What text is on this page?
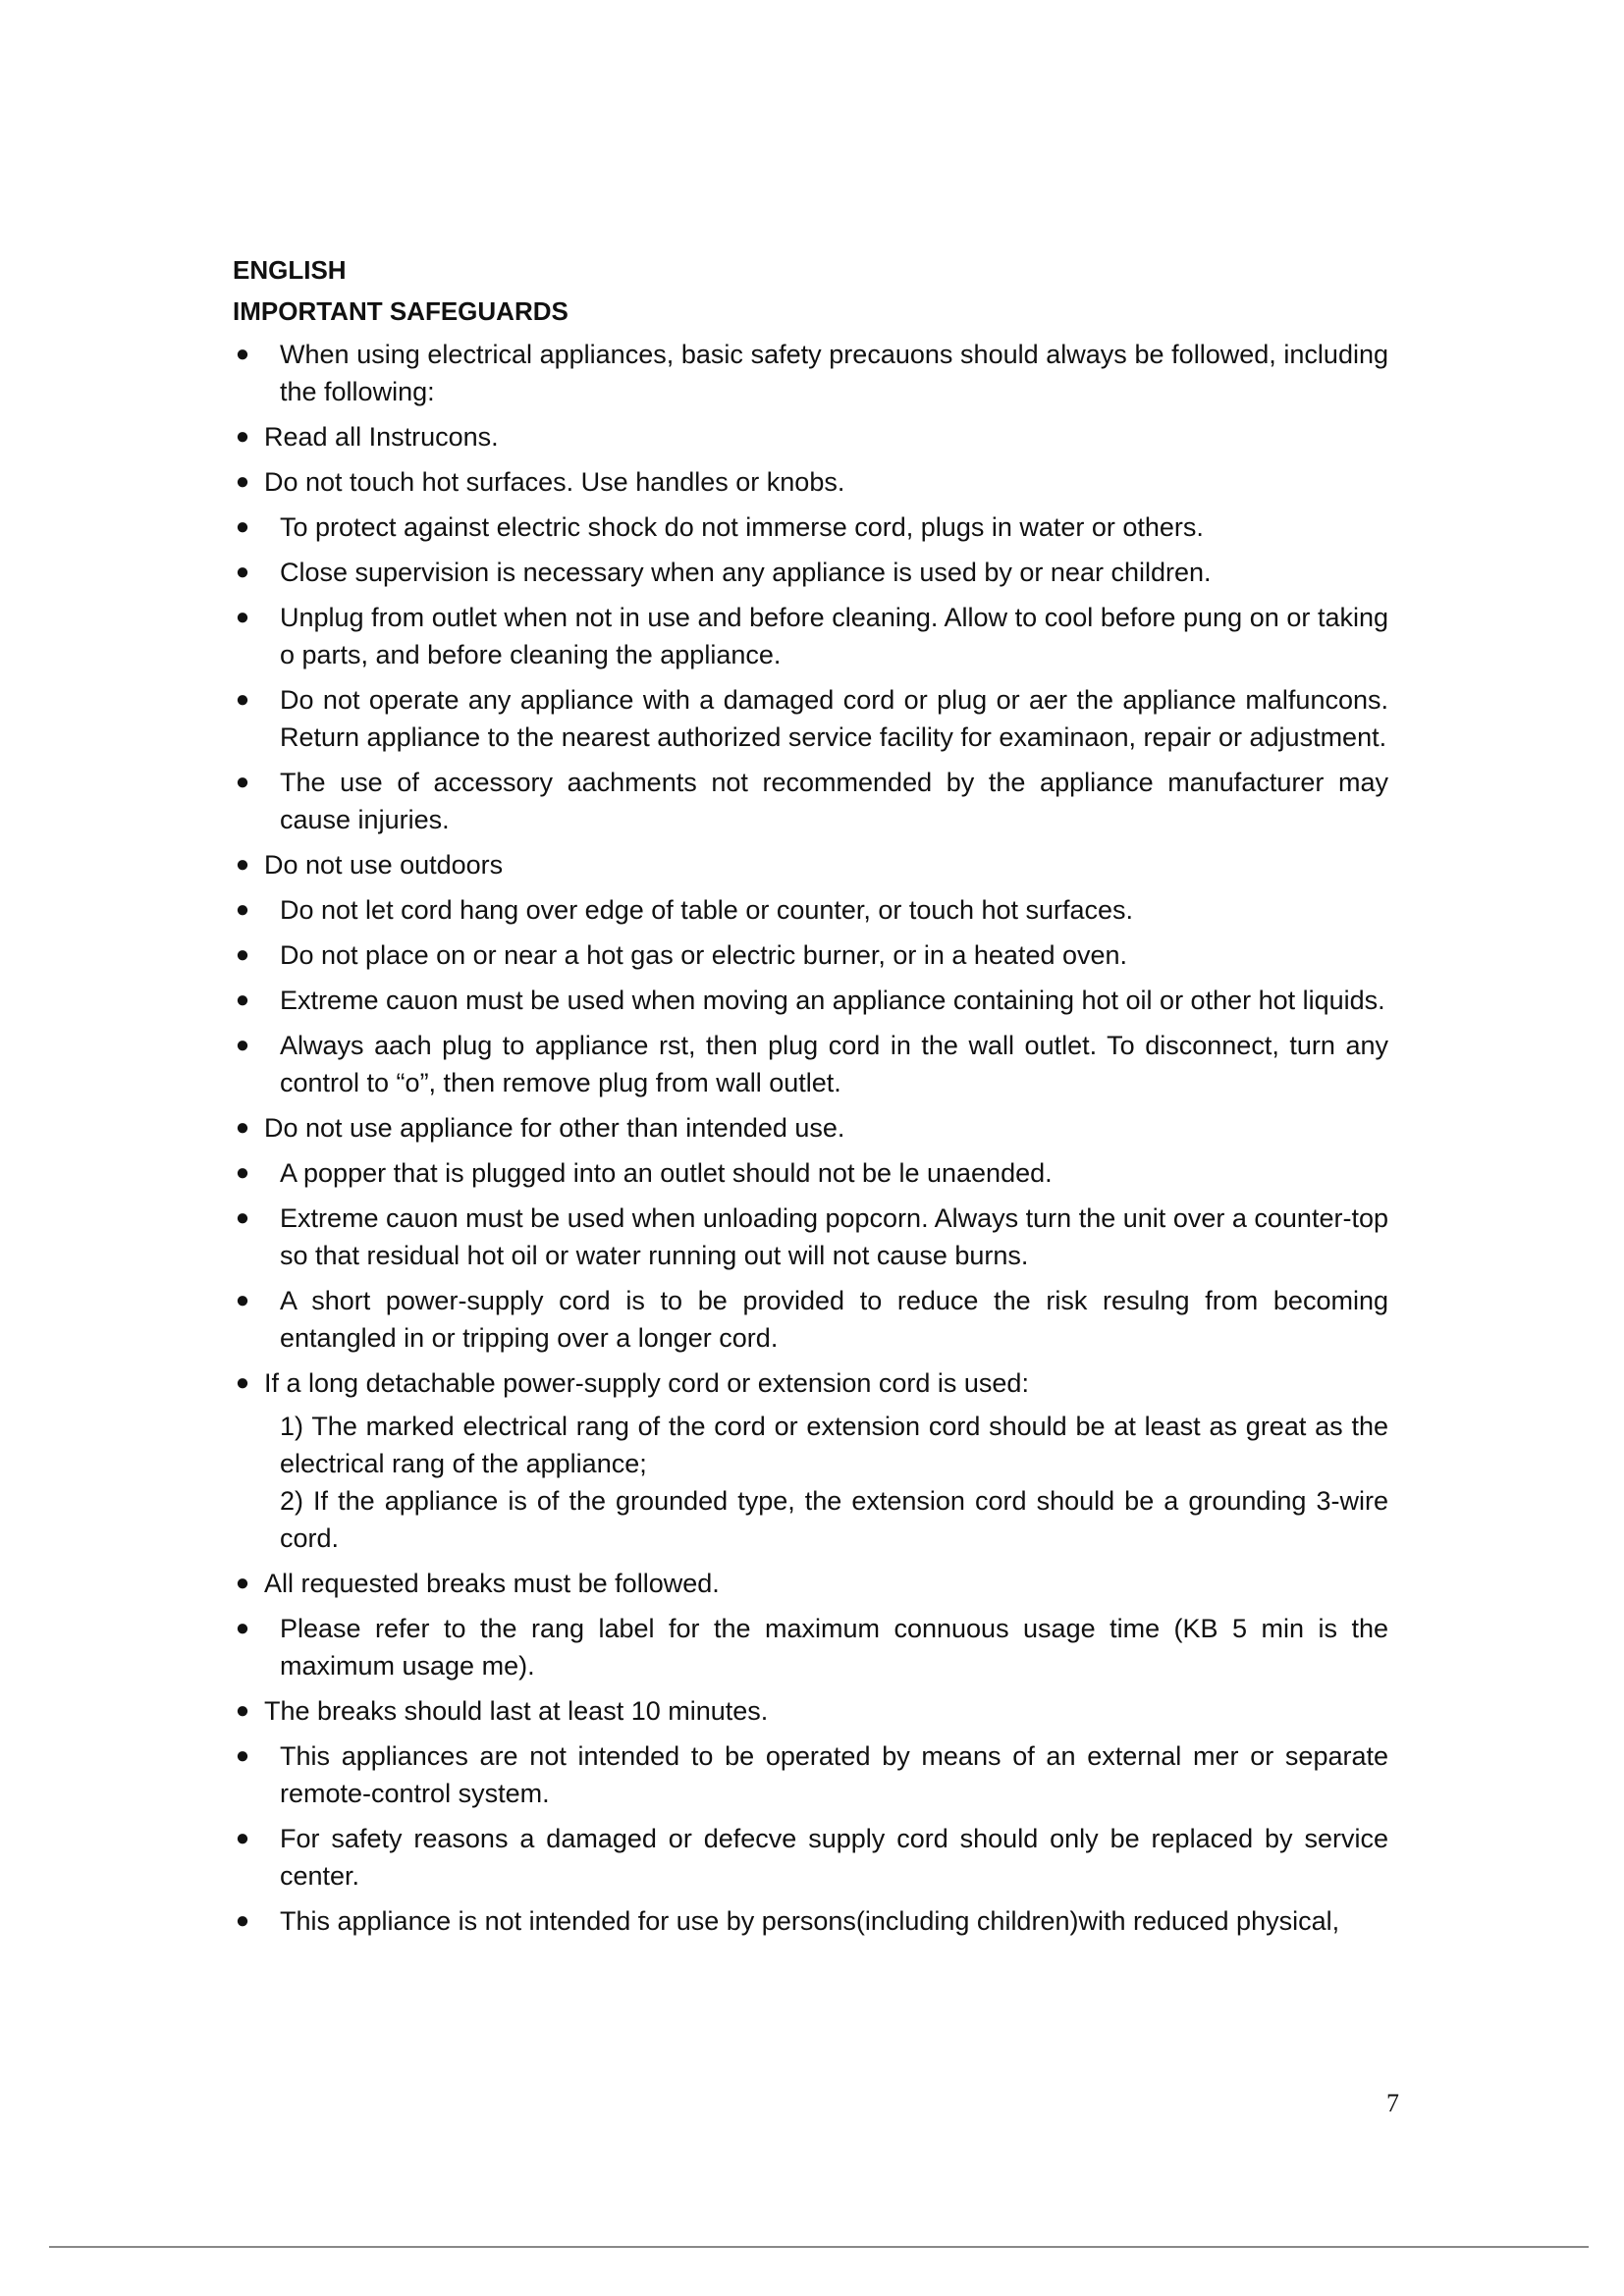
ENGLISH
IMPORTANT SAFEGUARDS
● When using electrical appliances, basic safety precauons should always be followed, including the following:
● Read all Instrucons.
● Do not touch hot surfaces. Use handles or knobs.
● To protect against electric shock do not immerse cord, plugs in water or others.
● Close supervision is necessary when any appliance is used by or near children.
● Unplug from outlet when not in use and before cleaning. Allow to cool before pung on or taking o parts, and before cleaning the appliance.
● Do not operate any appliance with a damaged cord or plug or aer the appliance malfuncons. Return appliance to the nearest authorized service facility for examinaon, repair or adjustment.
● The use of accessory aachments not recommended by the appliance manufacturer may cause injuries.
● Do not use outdoors
● Do not let cord hang over edge of table or counter, or touch hot surfaces.
● Do not place on or near a hot gas or electric burner, or in a heated oven.
● Extreme cauon must be used when moving an appliance containing hot oil or other hot liquids.
● Always aach plug to appliance rst, then plug cord in the wall outlet. To disconnect, turn any control to “o”, then remove plug from wall outlet.
● Do not use appliance for other than intended use.
● A popper that is plugged into an outlet should not be le unaended.
● Extreme cauon must be used when unloading popcorn. Always turn the unit over a counter-top so that residual hot oil or water running out will not cause burns.
● A short power-supply cord is to be provided to reduce the risk resulng from becoming entangled in or tripping over a longer cord.
● If a long detachable power-supply cord or extension cord is used:
1) The marked electrical rang of the cord or extension cord should be at least as great as the electrical rang of the appliance;
2) If the appliance is of the grounded type, the extension cord should be a grounding 3-wire cord.
● All requested breaks must be followed.
● Please refer to the rang label for the maximum connuous usage time (KB 5 min is the maximum usage me).
● The breaks should last at least 10 minutes.
● This appliances are not intended to be operated by means of an external mer or separate remote-control system.
● For safety reasons a damaged or defecve supply cord should only be replaced by service center.
● This appliance is not intended for use by persons(including children)with reduced physical,
7
